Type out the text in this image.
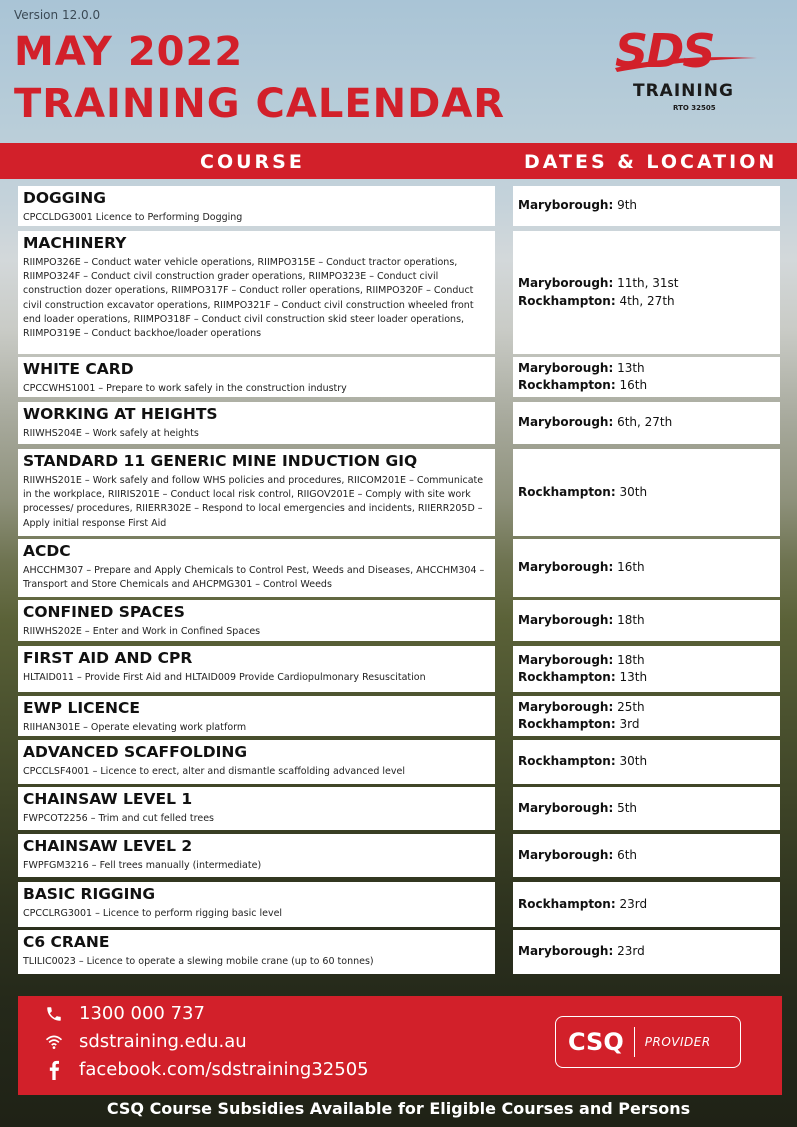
Version 12.0.0
MAY 2022
TRAINING CALENDAR
SDS
TRAINING
RTO 32505
COURSE	DATES & LOCATION
DOGGING
CPCCLDG3001 Licence to Performing Dogging
Maryborough: 9th
MACHINERY
RIIMPO326E – Conduct water vehicle operations, RIIMPO315E – Conduct tractor operations, RIIMPO324F – Conduct civil construction grader operations, RIIMPO323E – Conduct civil construction dozer operations, RIIMPO317F – Conduct roller operations, RIIMPO320F – Conduct civil construction excavator operations, RIIMPO321F – Conduct civil construction wheeled front end loader operations, RIIMPO318F – Conduct civil construction skid steer loader operations, RIIMPO319E – Conduct backhoe/loader operations
Maryborough: 11th, 31st
Rockhampton: 4th, 27th
WHITE CARD
CPCCWHS1001 – Prepare to work safely in the construction industry
Maryborough: 13th
Rockhampton: 16th
WORKING AT HEIGHTS
RIIWHS204E – Work safely at heights
Maryborough: 6th, 27th
STANDARD 11 GENERIC MINE INDUCTION GIQ
RIIWHS201E – Work safely and follow WHS policies and procedures, RIICOM201E – Communicate in the workplace, RIIRIS201E – Conduct local risk control, RIIGOV201E – Comply with site work processes/ procedures, RIIERR302E – Respond to local emergencies and incidents, RIIERR205D – Apply initial response First Aid
Rockhampton: 30th
ACDC
AHCCHM307 – Prepare and Apply Chemicals to Control Pest, Weeds and Diseases, AHCCHM304 – Transport and Store Chemicals and AHCPMG301 – Control Weeds
Maryborough: 16th
CONFINED SPACES
RIIWHS202E – Enter and Work in Confined Spaces
Maryborough: 18th
FIRST AID AND CPR
HLTAID011 – Provide First Aid and HLTAID009 Provide Cardiopulmonary Resuscitation
Maryborough: 18th
Rockhampton: 13th
EWP LICENCE
RIIHAN301E – Operate elevating work platform
Maryborough: 25th
Rockhampton: 3rd
ADVANCED SCAFFOLDING
CPCCLSF4001 – Licence to erect, alter and dismantle scaffolding advanced level
Rockhampton: 30th
CHAINSAW LEVEL 1
FWPCOT2256 – Trim and cut felled trees
Maryborough: 5th
CHAINSAW LEVEL 2
FWPFGM3216 – Fell trees manually (intermediate)
Maryborough: 6th
BASIC RIGGING
CPCCLRG3001 – Licence to perform rigging basic level
Rockhampton: 23rd
C6 CRANE
TLILIC0023 – Licence to operate a slewing mobile crane (up to 60 tonnes)
Maryborough: 23rd
1300 000 737
sdstraining.edu.au
facebook.com/sdstraining32505
CSQ PROVIDER
CSQ Course Subsidies Available for Eligible Courses and Persons
